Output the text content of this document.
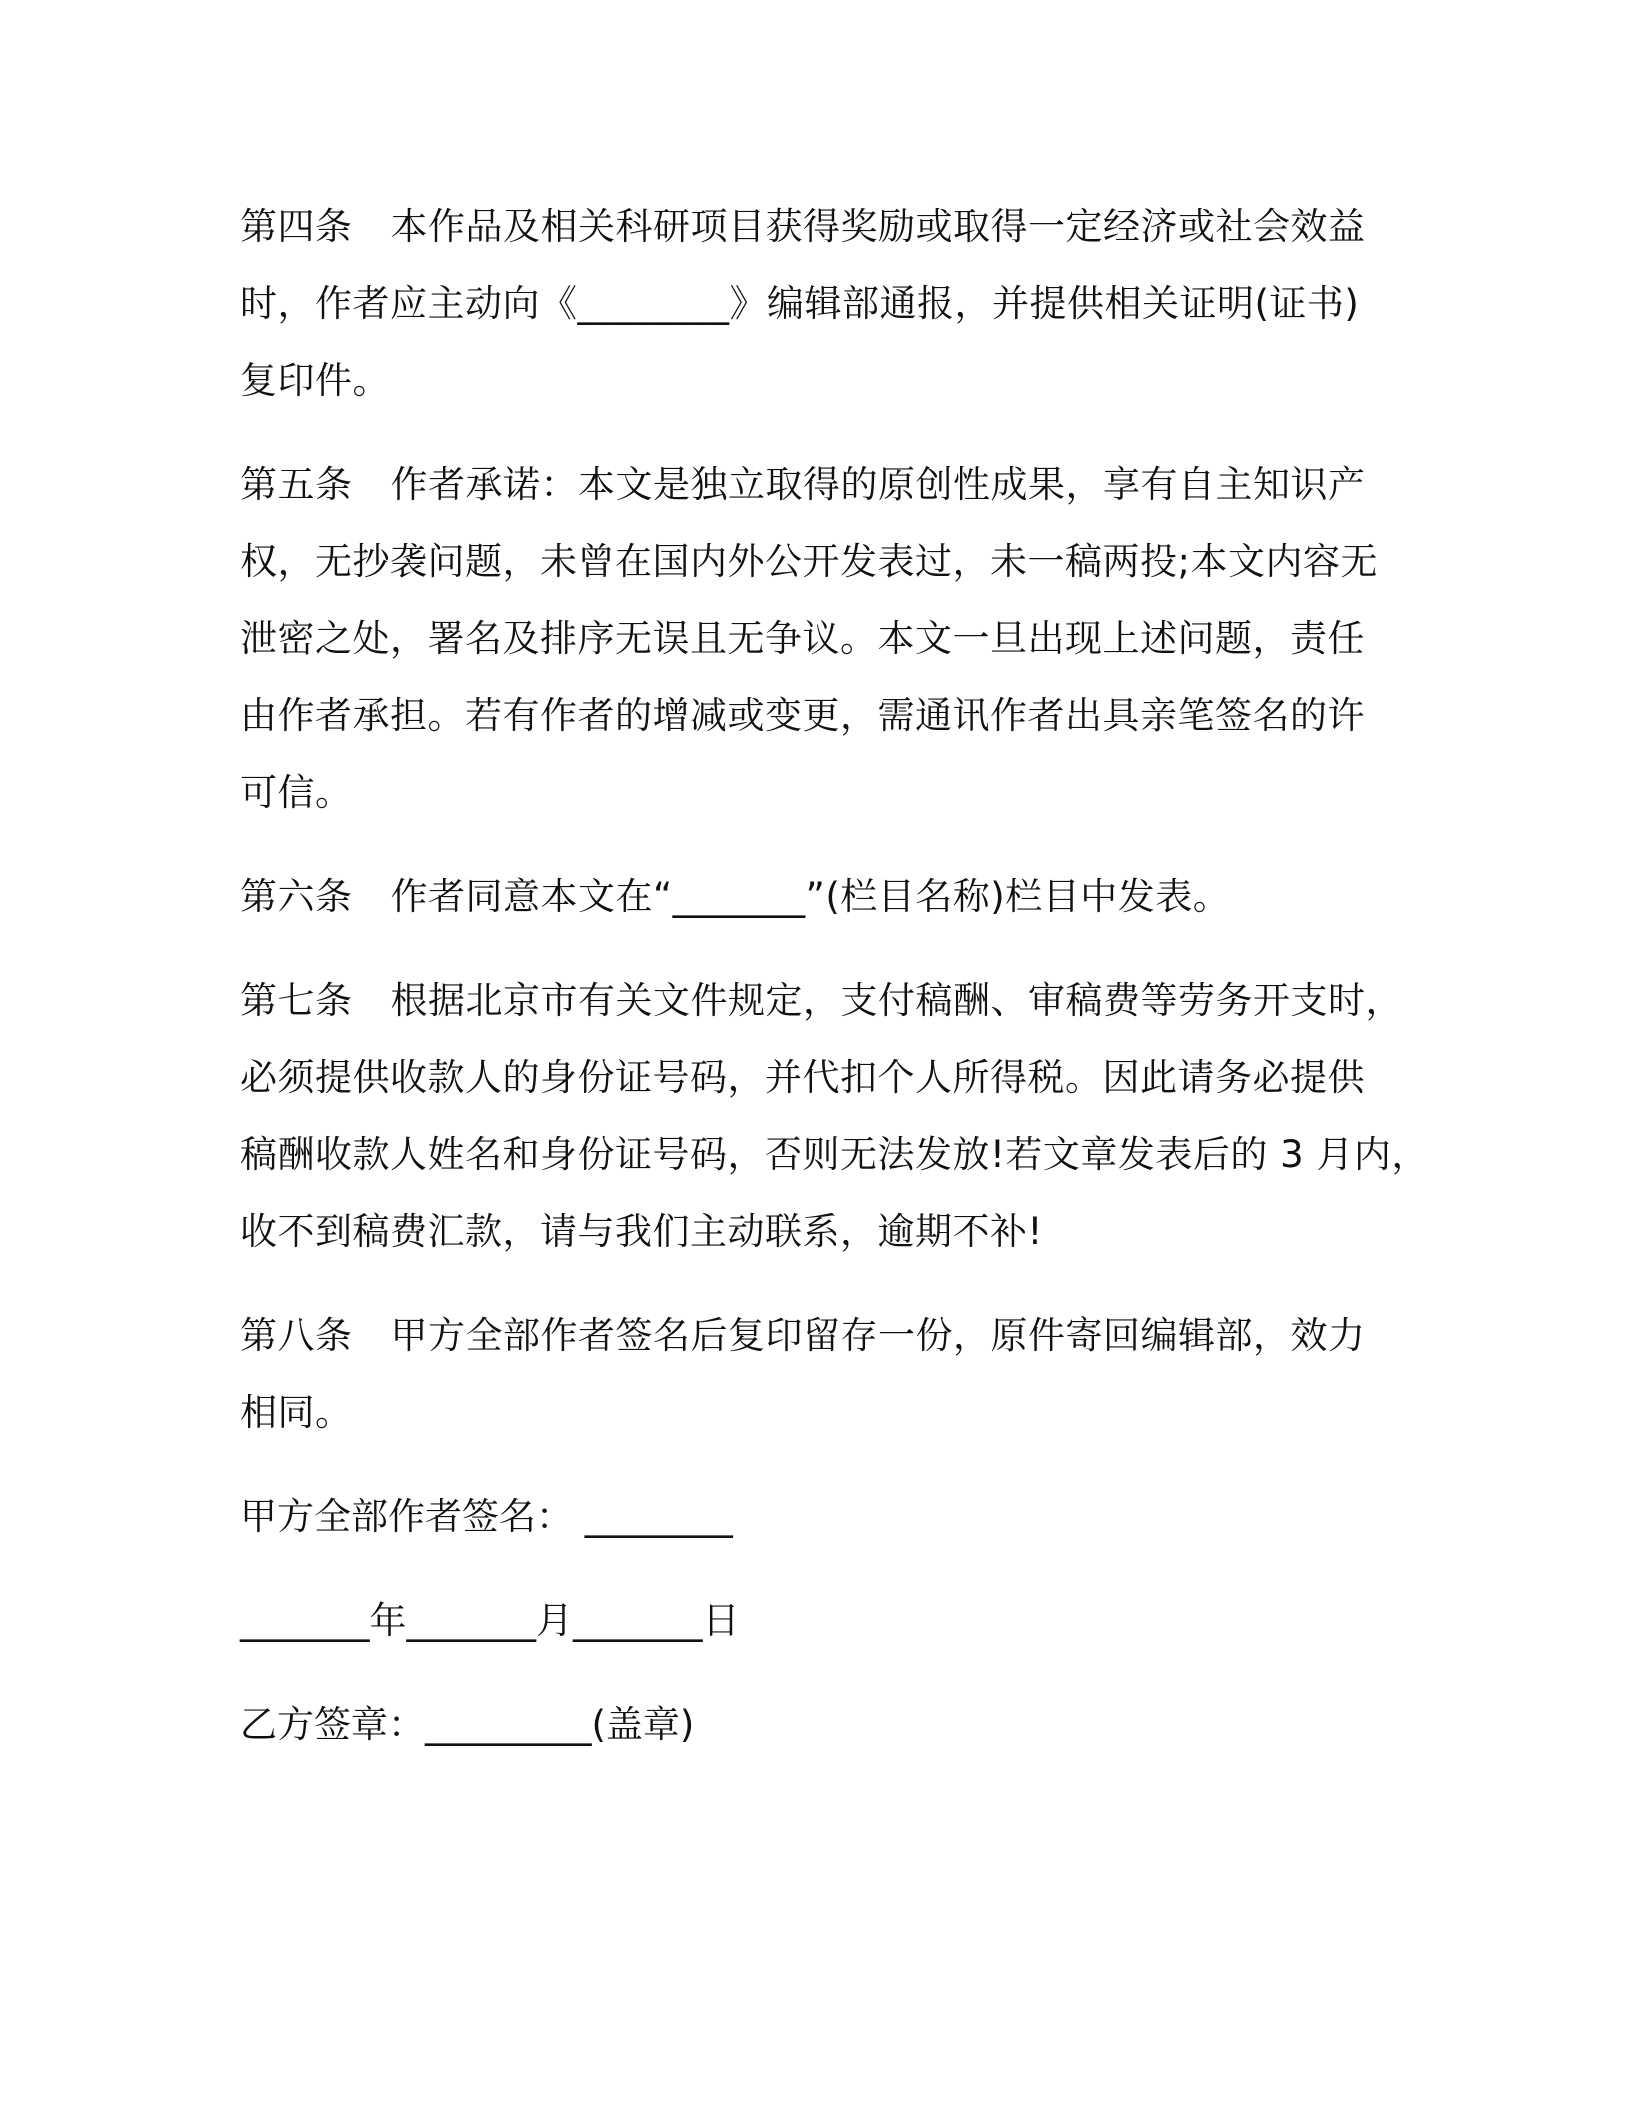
第四条 本作品及相关科研项目获得奖励或取得一定经济或社会效益
时，作者应主动向《________》编辑部通报，并提供相关证明(证书)
复印件。
第五条 作者承诺：本文是独立取得的原创性成果，享有自主知识产
权，无抄袭问题，未曾在国内外公开发表过，未一稿两投;本文内容无
泄密之处，署名及排序无误且无争议。本文一旦出现上述问题，责任
由作者承担。若有作者的增减或变更，需通讯作者出具亲笔签名的许
可信。
第六条 作者同意本文在“_______”(栏目名称)栏目中发表。
第七条 根据北京市有关文件规定，支付稿酬、审稿费等劳务开支时，
必须提供收款人的身份证号码，并代扣个人所得税。因此请务必提供
稿酬收款人姓名和身份证号码，否则无法发放!若文章发表后的 3 月内，
收不到稿费汇款，请与我们主动联系，逾期不补!
第八条 甲方全部作者签名后复印留存一份，原件寄回编辑部，效力
相同。
甲方全部作者签名： ________
_______年_______月_______日
乙方签章：_________(盖章)
